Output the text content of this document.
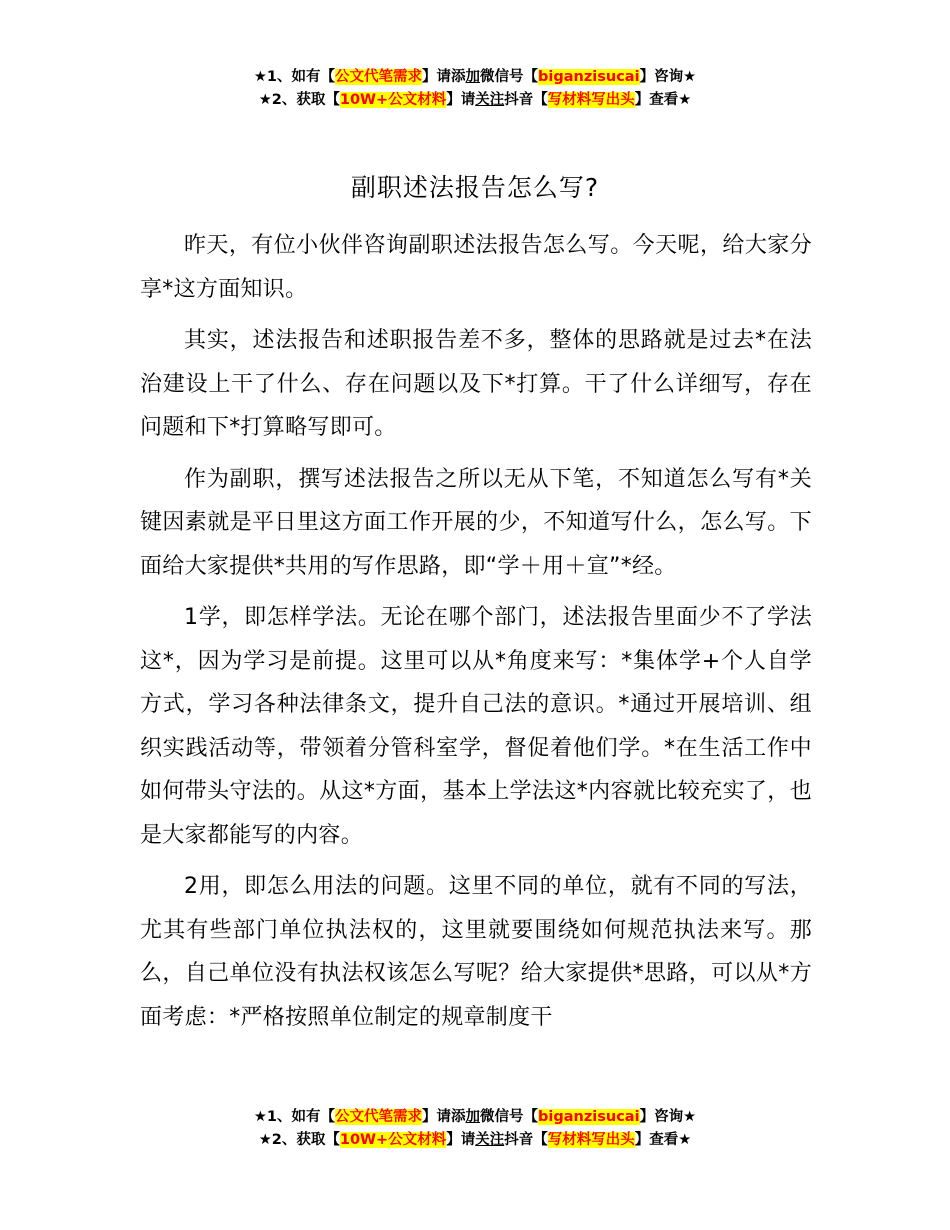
★1、如有【公文代笔需求】请添加微信号【biganzisucai】咨询★
★2、获取【10W+公文材料】请关注抖音【写材料写出头】查看★
副职述法报告怎么写?

昨天，有位小伙伴咨询副职述法报告怎么写。今天呢，给大家分享*这方面知识。

其实，述法报告和述职报告差不多，整体的思路就是过去*在法治建设上干了什么、存在问题以及下*打算。干了什么详细写，存在问题和下*打算略写即可。

作为副职，撰写述法报告之所以无从下笔，不知道怎么写有*关键因素就是平日里这方面工作开展的少，不知道写什么，怎么写。下面给大家提供*共用的写作思路，即“学＋用＋宣”*经。

1学，即怎样学法。无论在哪个部门，述法报告里面少不了学法这*，因为学习是前提。这里可以从*角度来写：*集体学+个人自学方式，学习各种法律条文，提升自己法的意识。*通过开展培训、组织实践活动等，带领着分管科室学，督促着他们学。*在生活工作中如何带头守法的。从这*方面，基本上学法这*内容就比较充实了，也是大家都能写的内容。

2用，即怎么用法的问题。这里不同的单位，就有不同的写法，尤其有些部门单位执法权的，这里就要围绕如何规范执法来写。那么，自己单位没有执法权该怎么写呢？给大家提供*思路，可以从*方面考虑：*严格按照单位制定的规章制度干

★1、如有【公文代笔需求】请添加微信号【biganzisucai】咨询★
★2、获取【10W+公文材料】请关注抖音【写材料写出头】查看★
